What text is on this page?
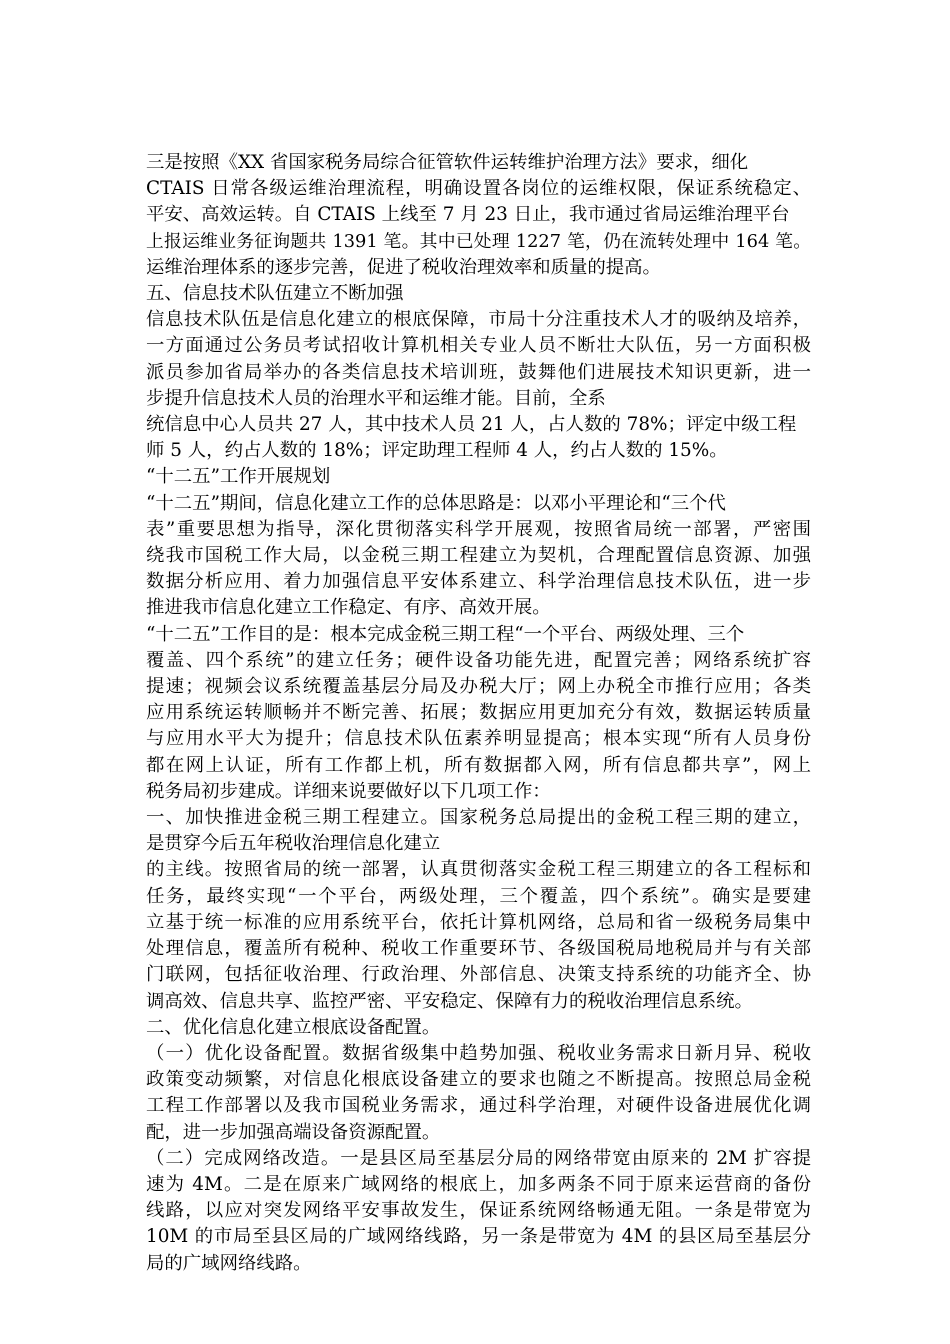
三是按照《XX 省国家税务局综合征管软件运转维护治理方法》要求，细化
CTAIS 日常各级运维治理流程，明确设置各岗位的运维权限，保证系统稳定、
平安、高效运转。自 CTAIS 上线至 7 月 23 日止，我市通过省局运维治理平台
上报运维业务征询题共 1391 笔。其中已处理 1227 笔，仍在流转处理中 164 笔。
运维治理体系的逐步完善，促进了税收治理效率和质量的提高。
五、信息技术队伍建立不断加强
信息技术队伍是信息化建立的根底保障，市局十分注重技术人才的吸纳及培养，
一方面通过公务员考试招收计算机相关专业人员不断壮大队伍，另一方面积极
派员参加省局举办的各类信息技术培训班，鼓舞他们进展技术知识更新，进一
步提升信息技术人员的治理水平和运维才能。目前，全系
统信息中心人员共 27 人，其中技术人员 21 人，占人数的 78%；评定中级工程
师 5 人，约占人数的 18%；评定助理工程师 4 人，约占人数的 15%。
“十二五”工作开展规划
“十二五”期间，信息化建立工作的总体思路是：以邓小平理论和“三个代
表”重要思想为指导，深化贯彻落实科学开展观，按照省局统一部署，严密围
绕我市国税工作大局，以金税三期工程建立为契机，合理配置信息资源、加强
数据分析应用、着力加强信息平安体系建立、科学治理信息技术队伍，进一步
推进我市信息化建立工作稳定、有序、高效开展。
“十二五”工作目的是：根本完成金税三期工程“一个平台、两级处理、三个
覆盖、四个系统”的建立任务；硬件设备功能先进，配置完善；网络系统扩容
提速；视频会议系统覆盖基层分局及办税大厅；网上办税全市推行应用；各类
应用系统运转顺畅并不断完善、拓展；数据应用更加充分有效，数据运转质量
与应用水平大为提升；信息技术队伍素养明显提高；根本实现“所有人员身份
都在网上认证，所有工作都上机，所有数据都入网，所有信息都共享”，网上
税务局初步建成。详细来说要做好以下几项工作：
一、加快推进金税三期工程建立。国家税务总局提出的金税工程三期的建立，
是贯穿今后五年税收治理信息化建立
的主线。按照省局的统一部署，认真贯彻落实金税工程三期建立的各工程标和
任务，最终实现“一个平台，两级处理，三个覆盖，四个系统”。确实是要建
立基于统一标准的应用系统平台，依托计算机网络，总局和省一级税务局集中
处理信息，覆盖所有税种、税收工作重要环节、各级国税局地税局并与有关部
门联网，包括征收治理、行政治理、外部信息、决策支持系统的功能齐全、协
调高效、信息共享、监控严密、平安稳定、保障有力的税收治理信息系统。
二、优化信息化建立根底设备配置。
（一）优化设备配置。数据省级集中趋势加强、税收业务需求日新月异、税收
政策变动频繁，对信息化根底设备建立的要求也随之不断提高。按照总局金税
工程工作部署以及我市国税业务需求，通过科学治理，对硬件设备进展优化调
配，进一步加强高端设备资源配置。
（二）完成网络改造。一是县区局至基层分局的网络带宽由原来的 2M 扩容提
速为 4M。二是在原来广域网络的根底上，加多两条不同于原来运营商的备份
线路，以应对突发网络平安事故发生，保证系统网络畅通无阻。一条是带宽为
10M 的市局至县区局的广域网络线路，另一条是带宽为 4M 的县区局至基层分
局的广域网络线路。
